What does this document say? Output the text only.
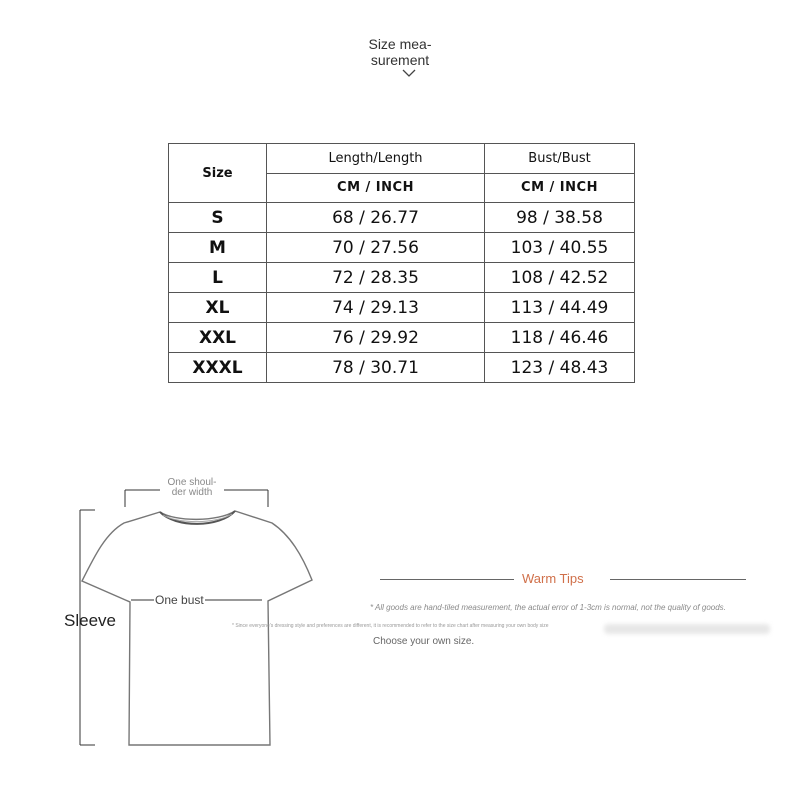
Size mea-
surement
Size	Length/Length	Bust/Bust
	CM / INCH	CM / INCH
S	68 / 26.77	98 / 38.58
M	70 / 27.56	103 / 40.55
L	72 / 28.35	108 / 42.52
XL	74 / 29.13	113 / 44.49
XXL	76 / 29.92	118 / 46.46
XXXL	78 / 30.71	123 / 48.43
One shoul-
der width
One bust
Sleeve
Warm Tips
* All goods are hand-tiled measurement, the actual error of 1-3cm is normal, not the quality of goods.
* Since everyone's dressing style and preferences are different, it is recommended to refer to the size chart after measuring your own body size
Choose your own size.
